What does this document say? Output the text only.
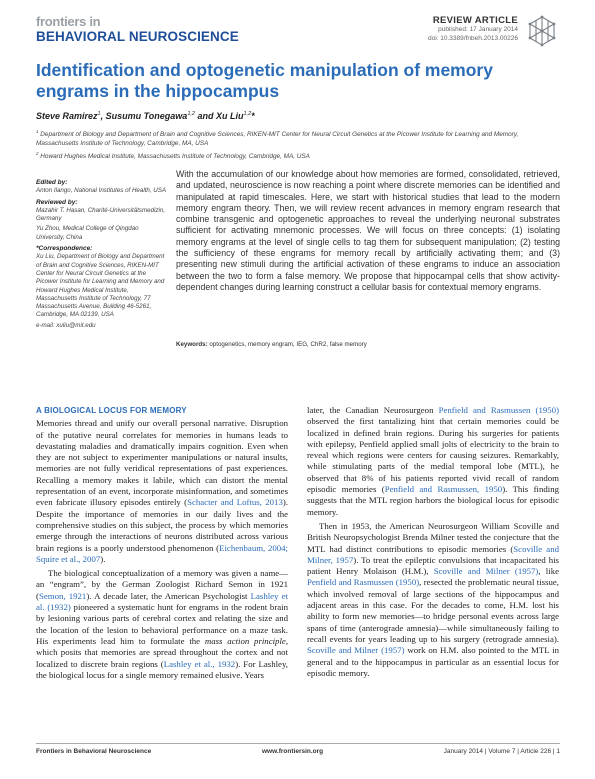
frontiers in
BEHAVIORAL NEUROSCIENCE
REVIEW ARTICLE
published: 17 January 2014
doi: 10.3389/fnbeh.2013.00226
Identification and optogenetic manipulation of memory engrams in the hippocampus
Steve Ramirez$^1$, Susumu Tonegawa$^{1,2}$ and Xu Liu$^{1,2}$*
$^1$ Department of Biology and Department of Brain and Cognitive Sciences, RIKEN-MIT Center for Neural Circuit Genetics at the Picower Institute for Learning and Memory, Massachusetts Institute of Technology, Cambridge, MA, USA
$^2$ Howard Hughes Medical Institute, Massachusetts Institute of Technology, Cambridge, MA, USA
Edited by:

Anton Ilango, National Institutes of Health, USA

Reviewed by:

Mazahir T. Hasan, Charité-Universitätsmedizin, Germany

Yu Zhou, Medical College of Qingdao University, China

*Correspondence:

Xu Liu, Department of Biology and Department of Brain and Cognitive Sciences, RIKEN-MIT Center for Neural Circuit Genetics at the Picower Institute for Learning and Memory and Howard Hughes Medical Institute, Massachusetts Institute of Technology, 77 Massachusetts Avenue, Building 46-5261, Cambridge, MA 02139, USA

e-mail: xuliu@mit.edu

With the accumulation of our knowledge about how memories are formed, consolidated, retrieved, and updated, neuroscience is now reaching a point where discrete memories can be identified and manipulated at rapid timescales. Here, we start with historical studies that lead to the modern memory engram theory. Then, we will review recent advances in memory engram research that combine transgenic and optogenetic approaches to reveal the underlying neuronal substrates sufficient for activating mnemonic processes. We will focus on three concepts: (1) isolating memory engrams at the level of single cells to tag them for subsequent manipulation; (2) testing the sufficiency of these engrams for memory recall by artificially activating them; and (3) presenting new stimuli during the artificial activation of these engrams to induce an association between the two to form a false memory. We propose that hippocampal cells that show activity-dependent changes during learning construct a cellular basis for contextual memory engrams.
Keywords: optogenetics, memory engram, IEG, ChR2, false memory
A BIOLOGICAL LOCUS FOR MEMORY

Memories thread and unify our overall personal narrative. Disruption of the putative neural correlates for memories in humans leads to devastating maladies and dramatically impairs cognition. Even when they are not subject to experimenter manipulations or natural insults, memories are not fully veridical representations of past experiences. Recalling a memory makes it labile, which can distort the mental representation of an event, incorporate misinformation, and sometimes even fabricate illusory episodes entirely (Schacter and Loftus, 2013). Despite the importance of memories in our daily lives and the comprehensive studies on this subject, the process by which memories emerge through the interactions of neurons distributed across various brain regions is a poorly understood phenomenon (Eichenbaum, 2004; Squire et al., 2007).

The biological conceptualization of a memory was given a name—an “engram”, by the German Zoologist Richard Semon in 1921 (Semon, 1921). A decade later, the American Psychologist Lashley et al. (1932) pioneered a systematic hunt for engrams in the rodent brain by lesioning various parts of cerebral cortex and relating the size and the location of the lesion to behavioral performance on a maze task. His experiments lead him to formulate the mass action principle, which posits that memories are spread throughout the cortex and not localized to discrete brain regions (Lashley et al., 1932). For Lashley, the biological locus for a single memory remained elusive. Years

later, the Canadian Neurosurgeon Penfield and Rasmussen (1950) observed the first tantalizing hint that certain memories could be localized in defined brain regions. During his surgeries for patients with epilepsy, Penfield applied small jolts of electricity to the brain to reveal which regions were centers for causing seizures. Remarkably, while stimulating parts of the medial temporal lobe (MTL), he observed that 8% of his patients reported vivid recall of random episodic memories (Penfield and Rasmussen, 1950). This finding suggests that the MTL region harbors the biological locus for episodic memory.

Then in 1953, the American Neurosurgeon William Scoville and British Neuropsychologist Brenda Milner tested the conjecture that the MTL had distinct contributions to episodic memories (Scoville and Milner, 1957). To treat the epileptic convulsions that incapacitated his patient Henry Molaison (H.M.), Scoville and Milner (1957), like Penfield and Rasmussen (1950), resected the problematic neural tissue, which involved removal of large sections of the hippocampus and adjacent areas in this case. For the decades to come, H.M. lost his ability to form new memories—to bridge personal events across large spans of time (anterograde amnesia)—while simultaneously failing to recall events for years leading up to his surgery (retrograde amnesia). Scoville and Milner (1957) work on H.M. also pointed to the MTL in general and to the hippocampus in particular as an essential locus for episodic memory.

Frontiers in Behavioral Neuroscience	www.frontiersin.org	January 2014 | Volume 7 | Article 226 | 1
